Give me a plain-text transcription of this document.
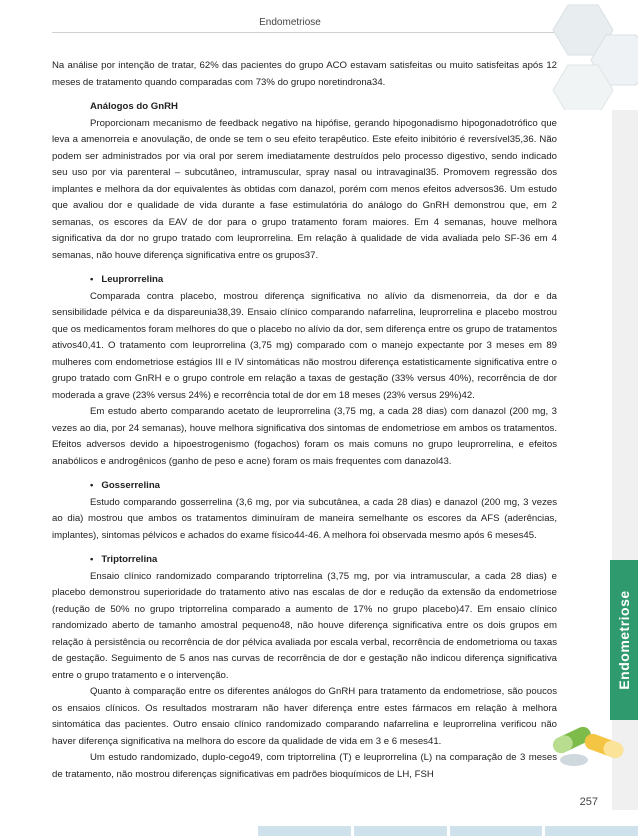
Endometriose
Endometriose

Na análise por intenção de tratar, 62% das pacientes do grupo ACO estavam satisfeitas ou muito satisfeitas após 12 meses de tratamento quando comparadas com 73% do grupo noretindrona34.

Análogos do GnRH

Proporcionam mecanismo de feedback negativo na hipófise, gerando hipogonadismo hipogonadotrófico que leva a amenorreia e anovulação, de onde se tem o seu efeito terapêutico. Este efeito inibitório é reversível35,36. Não podem ser administrados por via oral por serem imediatamente destruídos pelo processo digestivo, sendo indicado seu uso por via parenteral – subcutâneo, intramuscular, spray nasal ou intravaginal35. Promovem regressão dos implantes e melhora da dor equivalentes às obtidas com danazol, porém com menos efeitos adversos36. Um estudo que avaliou dor e qualidade de vida durante a fase estimulatória do análogo do GnRH demonstrou que, em 2 semanas, os escores da EAV de dor para o grupo tratamento foram maiores. Em 4 semanas, houve melhora significativa da dor no grupo tratado com leuprorrelina. Em relação à qualidade de vida avaliada pelo SF-36 em 4 semanas, não houve diferença significativa entre os grupos37.

• Leuprorrelina

Comparada contra placebo, mostrou diferença significativa no alívio da dismenorreia, da dor e da sensibilidade pélvica e da dispareunia38,39. Ensaio clínico comparando nafarrelina, leuprorrelina e placebo mostrou que os medicamentos foram melhores do que o placebo no alívio da dor, sem diferença entre os grupo de tratamentos ativos40,41. O tratamento com leuprorrelina (3,75 mg) comparado com o manejo expectante por 3 meses em 89 mulheres com endometriose estágios III e IV sintomáticas não mostrou diferença estatisticamente significativa entre o grupo tratado com GnRH e o grupo controle em relação a taxas de gestação (33% versus 40%), recorrência de dor moderada a grave (23% versus 24%) e recorrência total de dor em 18 meses (23% versus 29%)42.

Em estudo aberto comparando acetato de leuprorrelina (3,75 mg, a cada 28 dias) com danazol (200 mg, 3 vezes ao dia, por 24 semanas), houve melhora significativa dos sintomas de endometriose em ambos os tratamentos. Efeitos adversos devido a hipoestrogenismo (fogachos) foram os mais comuns no grupo leuprorrelina, e efeitos anabólicos e androgênicos (ganho de peso e acne) foram os mais frequentes com danazol43.

• Gosserrelina

Estudo comparando gosserrelina (3,6 mg, por via subcutânea, a cada 28 dias) e danazol (200 mg, 3 vezes ao dia) mostrou que ambos os tratamentos diminuíram de maneira semelhante os escores da AFS (aderências, implantes), sintomas pélvicos e achados do exame físico44-46. A melhora foi observada mesmo após 6 meses45.

• Triptorrelina

Ensaio clínico randomizado comparando triptorrelina (3,75 mg, por via intramuscular, a cada 28 dias) e placebo demonstrou superioridade do tratamento ativo nas escalas de dor e redução da extensão da endometriose (redução de 50% no grupo triptorrelina comparado a aumento de 17% no grupo placebo)47. Em ensaio clínico randomizado aberto de tamanho amostral pequeno48, não houve diferença significativa entre os dois grupos em relação à persistência ou recorrência de dor pélvica avaliada por escala verbal, recorrência de endometrioma ou taxas de gestação. Seguimento de 5 anos nas curvas de recorrência de dor e gestação não indicou diferença significativa entre o grupo tratamento e o intervenção.

Quanto à comparação entre os diferentes análogos do GnRH para tratamento da endometriose, são poucos os ensaios clínicos. Os resultados mostraram não haver diferença entre estes fármacos em relação à melhora sintomática das pacientes. Outro ensaio clínico randomizado comparando nafarrelina e leuprorrelina verificou não haver diferença significativa na melhora do escore da qualidade de vida em 3 e 6 meses41.

Um estudo randomizado, duplo-cego49, com triptorrelina (T) e leuprorrelina (L) na comparação de 3 meses de tratamento, não mostrou diferenças significativas em padrões bioquímicos de LH, FSH

257
